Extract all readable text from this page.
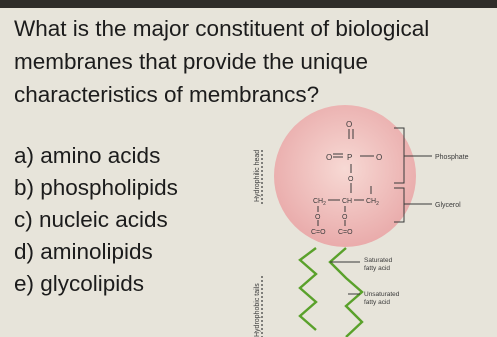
What is the major constituent of biological
membranes that provide the unique
characteristics of membrancs?
a) amino acids
b) phospholipids
c) nucleic acids
d) aminolipids
e) glycolipids
Hydrophilic head
Hydrophobic tails
O
O P	O
O
$CH_2$ CH $CH_2$
O	O
C=O C=O
Phosphate
Glycerol
Saturated
fatty acid
Unsaturated
fatty acid
